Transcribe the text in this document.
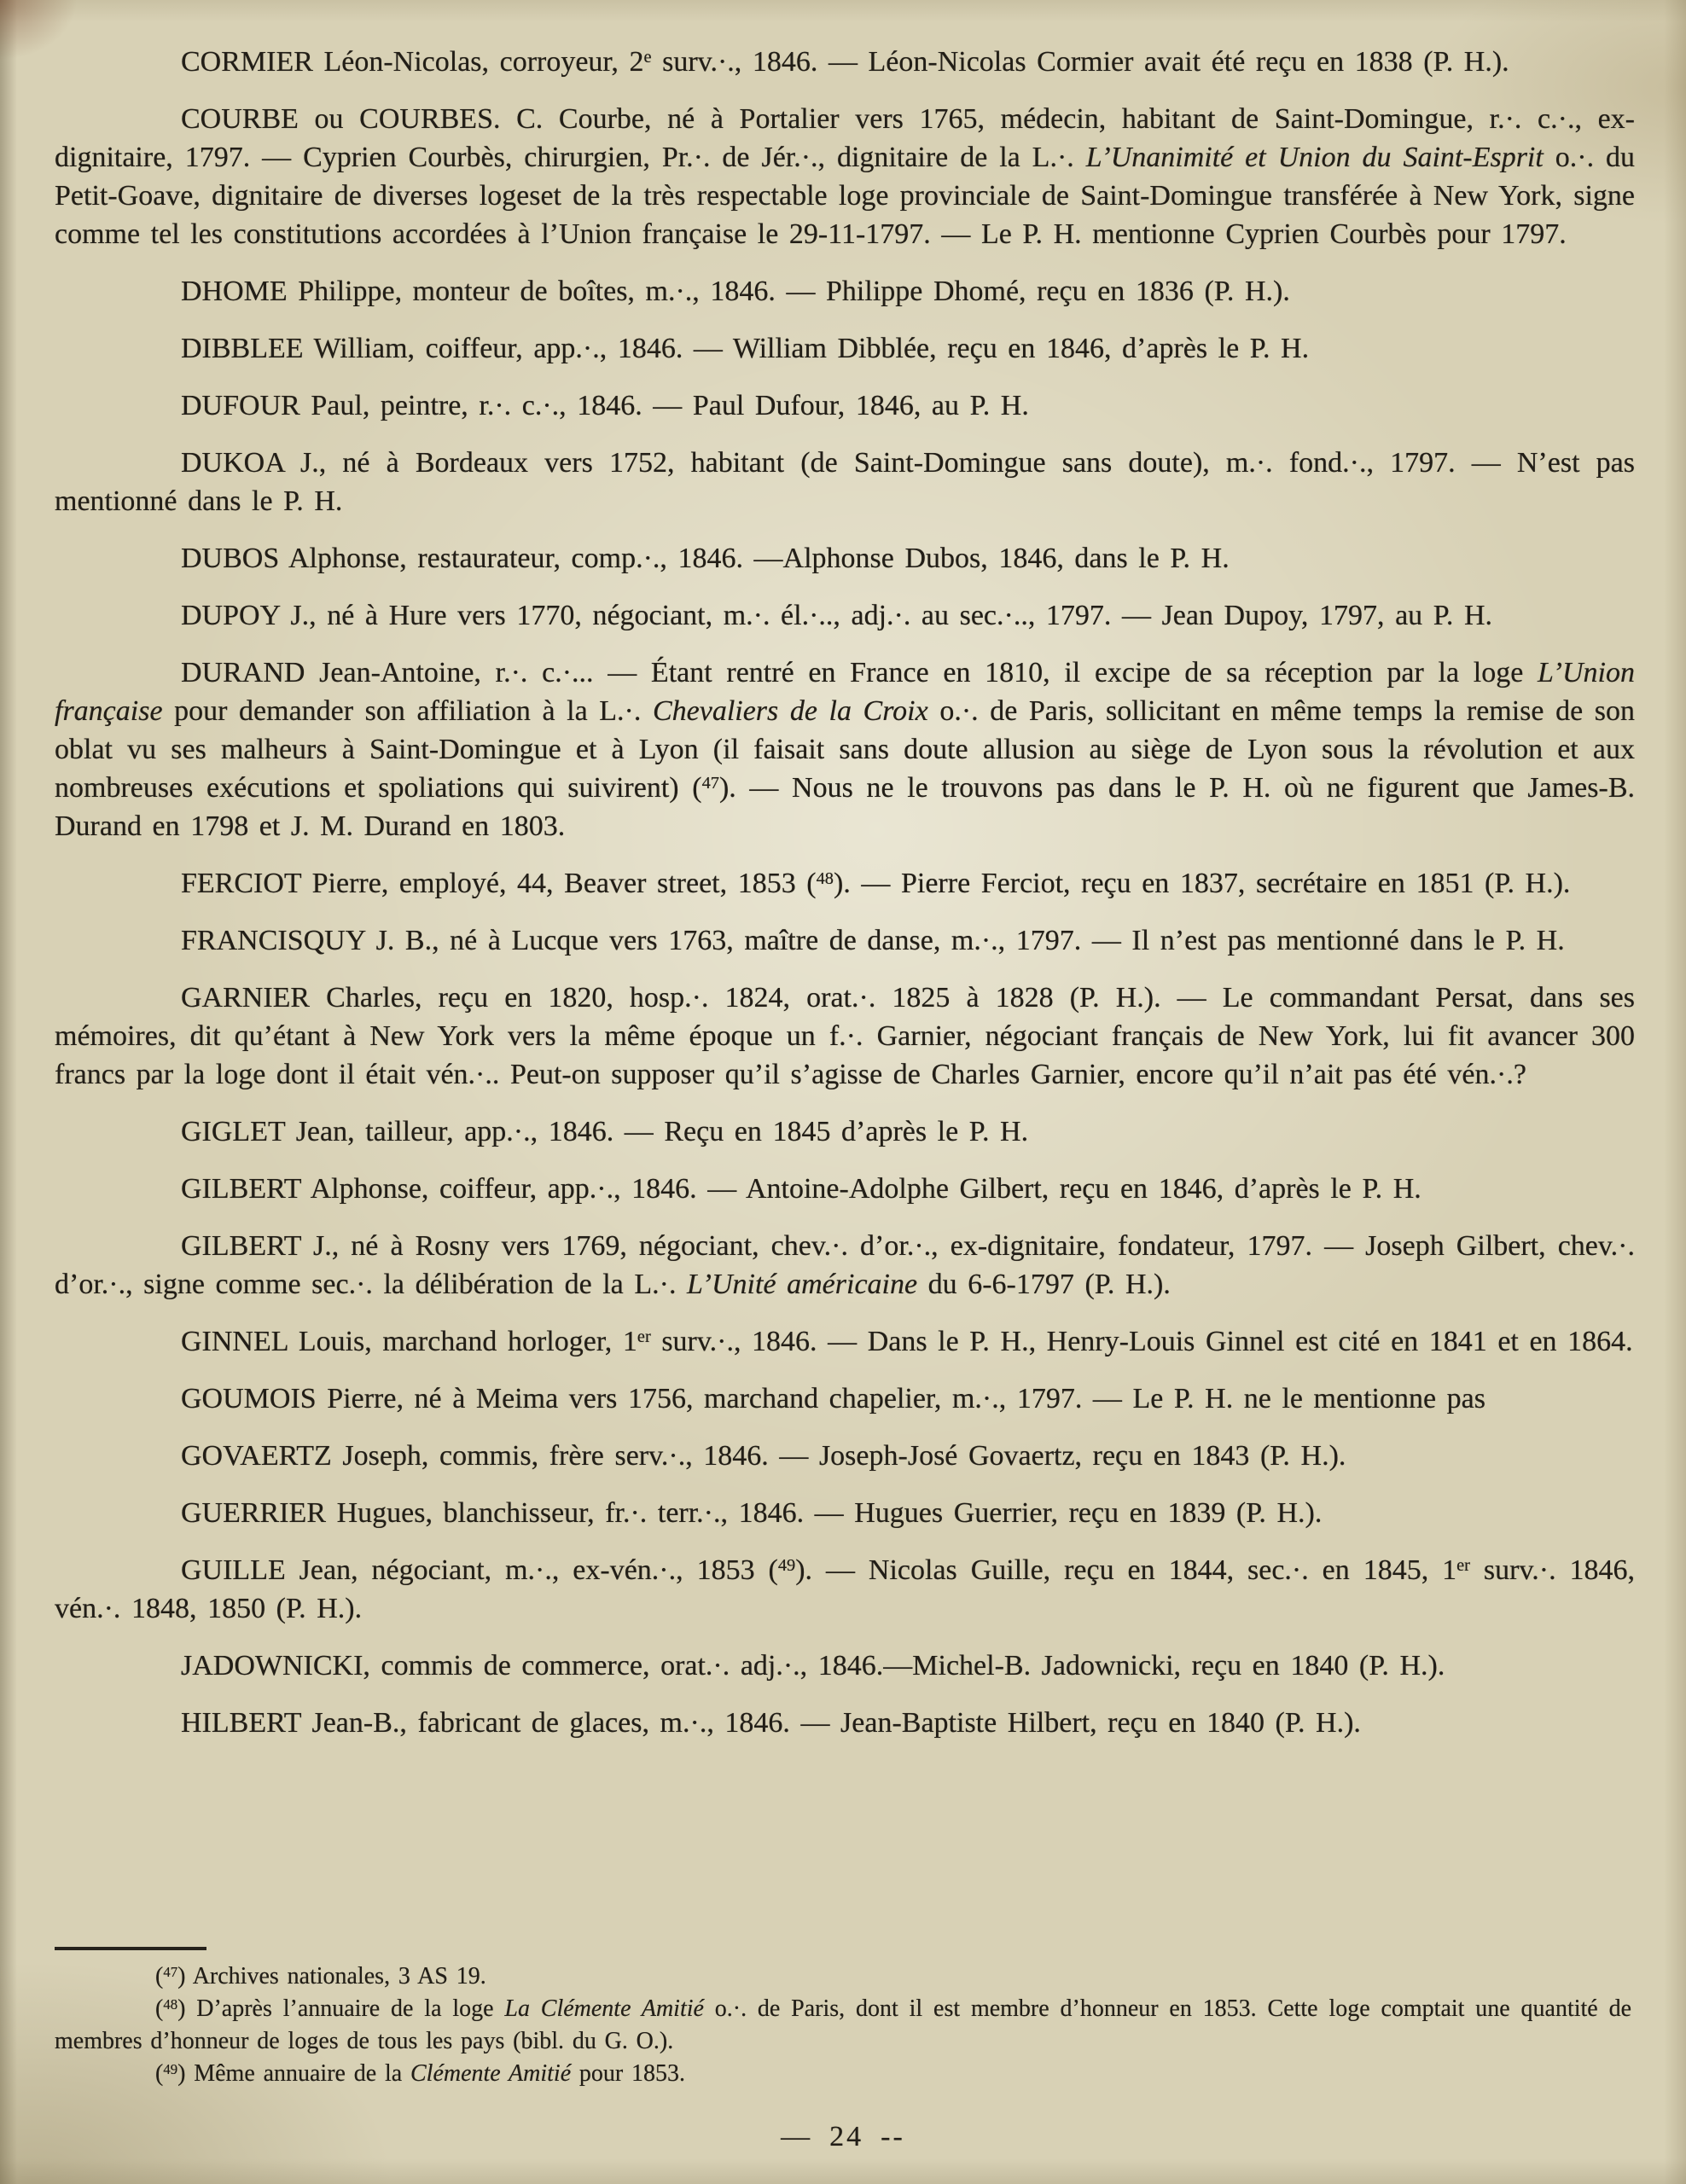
CORMIER Léon-Nicolas, corroyeur, 2e surv.·., 1846. — Léon-Nicolas Cormier avait été reçu en 1838 (P. H.).

COURBE ou COURBES. C. Courbe, né à Portalier vers 1765, médecin, habitant de Saint-Domingue, r.·. c.·., ex-dignitaire, 1797. — Cyprien Courbès, chirurgien, Pr.·. de Jér.·., dignitaire de la L.·. L’Unanimité et Union du Saint-Esprit o.·. du Petit-Goave, dignitaire de diverses logeset de la très respectable loge provinciale de Saint-Domingue transférée à New York, signe comme tel les constitutions accordées à l’Union française le 29-11-1797. — Le P. H. mentionne Cyprien Courbès pour 1797.

DHOME Philippe, monteur de boîtes, m.·., 1846. — Philippe Dhomé, reçu en 1836 (P. H.).

DIBBLEE William, coiffeur, app.·., 1846. — William Dibblée, reçu en 1846, d’après le P. H.

DUFOUR Paul, peintre, r.·. c.·., 1846. — Paul Dufour, 1846, au P. H.

DUKOA J., né à Bordeaux vers 1752, habitant (de Saint-Domingue sans doute), m.·. fond.·., 1797. — N’est pas mentionné dans le P. H.

DUBOS Alphonse, restaurateur, comp.·., 1846. —Alphonse Dubos, 1846, dans le P. H.

DUPOY J., né à Hure vers 1770, négociant, m.·. él.·.., adj.·. au sec.·.., 1797. — Jean Dupoy, 1797, au P. H.

DURAND Jean-Antoine, r.·. c.·... — Étant rentré en France en 1810, il excipe de sa réception par la loge L’Union française pour demander son affiliation à la L.·. Chevaliers de la Croix o.·. de Paris, sollicitant en même temps la remise de son oblat vu ses malheurs à Saint-Domingue et à Lyon (il faisait sans doute allusion au siège de Lyon sous la révolution et aux nombreuses exécutions et spoliations qui suivirent) ($^{47}$). — Nous ne le trouvons pas dans le P. H. où ne figurent que James-B. Durand en 1798 et J. M. Durand en 1803.

FERCIOT Pierre, employé, 44, Beaver street, 1853 ($^{48}$). — Pierre Ferciot, reçu en 1837, secrétaire en 1851 (P. H.).

FRANCISQUY J. B., né à Lucque vers 1763, maître de danse, m.·., 1797. — Il n’est pas mentionné dans le P. H.

GARNIER Charles, reçu en 1820, hosp.·. 1824, orat.·. 1825 à 1828 (P. H.). — Le commandant Persat, dans ses mémoires, dit qu’étant à New York vers la même époque un f.·. Garnier, négociant français de New York, lui fit avancer 300 francs par la loge dont il était vén.·.. Peut-on supposer qu’il s’agisse de Charles Garnier, encore qu’il n’ait pas été vén.·.?

GIGLET Jean, tailleur, app.·., 1846. — Reçu en 1845 d’après le P. H.

GILBERT Alphonse, coiffeur, app.·., 1846. — Antoine-Adolphe Gilbert, reçu en 1846, d’après le P. H.

GILBERT J., né à Rosny vers 1769, négociant, chev.·. d’or.·., ex-dignitaire, fondateur, 1797. — Joseph Gilbert, chev.·. d’or.·., signe comme sec.·. la délibération de la L.·. L’Unité américaine du 6-6-1797 (P. H.).

GINNEL Louis, marchand horloger, 1er surv.·., 1846. — Dans le P. H., Henry-Louis Ginnel est cité en 1841 et en 1864.

GOUMOIS Pierre, né à Meima vers 1756, marchand chapelier, m.·., 1797. — Le P. H. ne le mentionne pas

GOVAERTZ Joseph, commis, frère serv.·., 1846. — Joseph-José Govaertz, reçu en 1843 (P. H.).

GUERRIER Hugues, blanchisseur, fr.·. terr.·., 1846. — Hugues Guerrier, reçu en 1839 (P. H.).

GUILLE Jean, négociant, m.·., ex-vén.·., 1853 ($^{49}$). — Nicolas Guille, reçu en 1844, sec.·. en 1845, 1er surv.·. 1846, vén.·. 1848, 1850 (P. H.).

JADOWNICKI, commis de commerce, orat.·. adj.·., 1846.—Michel-B. Jadownicki, reçu en 1840 (P. H.).

HILBERT Jean-B., fabricant de glaces, m.·., 1846. — Jean-Baptiste Hilbert, reçu en 1840 (P. H.).

($^{47}$) Archives nationales, 3 AS 19.

($^{48}$) D’après l’annuaire de la loge La Clémente Amitié o.·. de Paris, dont il est membre d’honneur en 1853. Cette loge comptait une quantité de membres d’honneur de loges de tous les pays (bibl. du G. O.).

($^{49}$) Même annuaire de la Clémente Amitié pour 1853.

— 24 --
